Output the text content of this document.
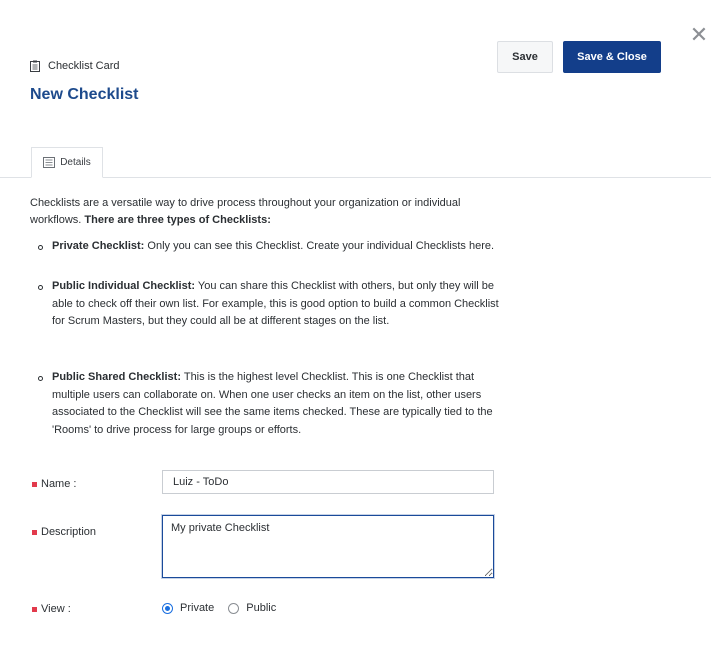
✕
Checklist Card
New Checklist
Save	Save & Close
Details
Checklists are a versatile way to drive process throughout your organization or individual workflows. There are three types of Checklists:
Private Checklist: Only you can see this Checklist. Create your individual Checklists here.
Public Individual Checklist: You can share this Checklist with others, but only they will be able to check off their own list. For example, this is good option to build a common Checklist for Scrum Masters, but they could all be at different stages on the list.
Public Shared Checklist: This is the highest level Checklist. This is one Checklist that multiple users can collaborate on. When one user checks an item on the list, other users associated to the Checklist will see the same items checked. These are typically tied to the 'Rooms' to drive process for large groups or efforts.
Name :
Luiz - ToDo
Description
My private Checklist
View :	Private	Public
